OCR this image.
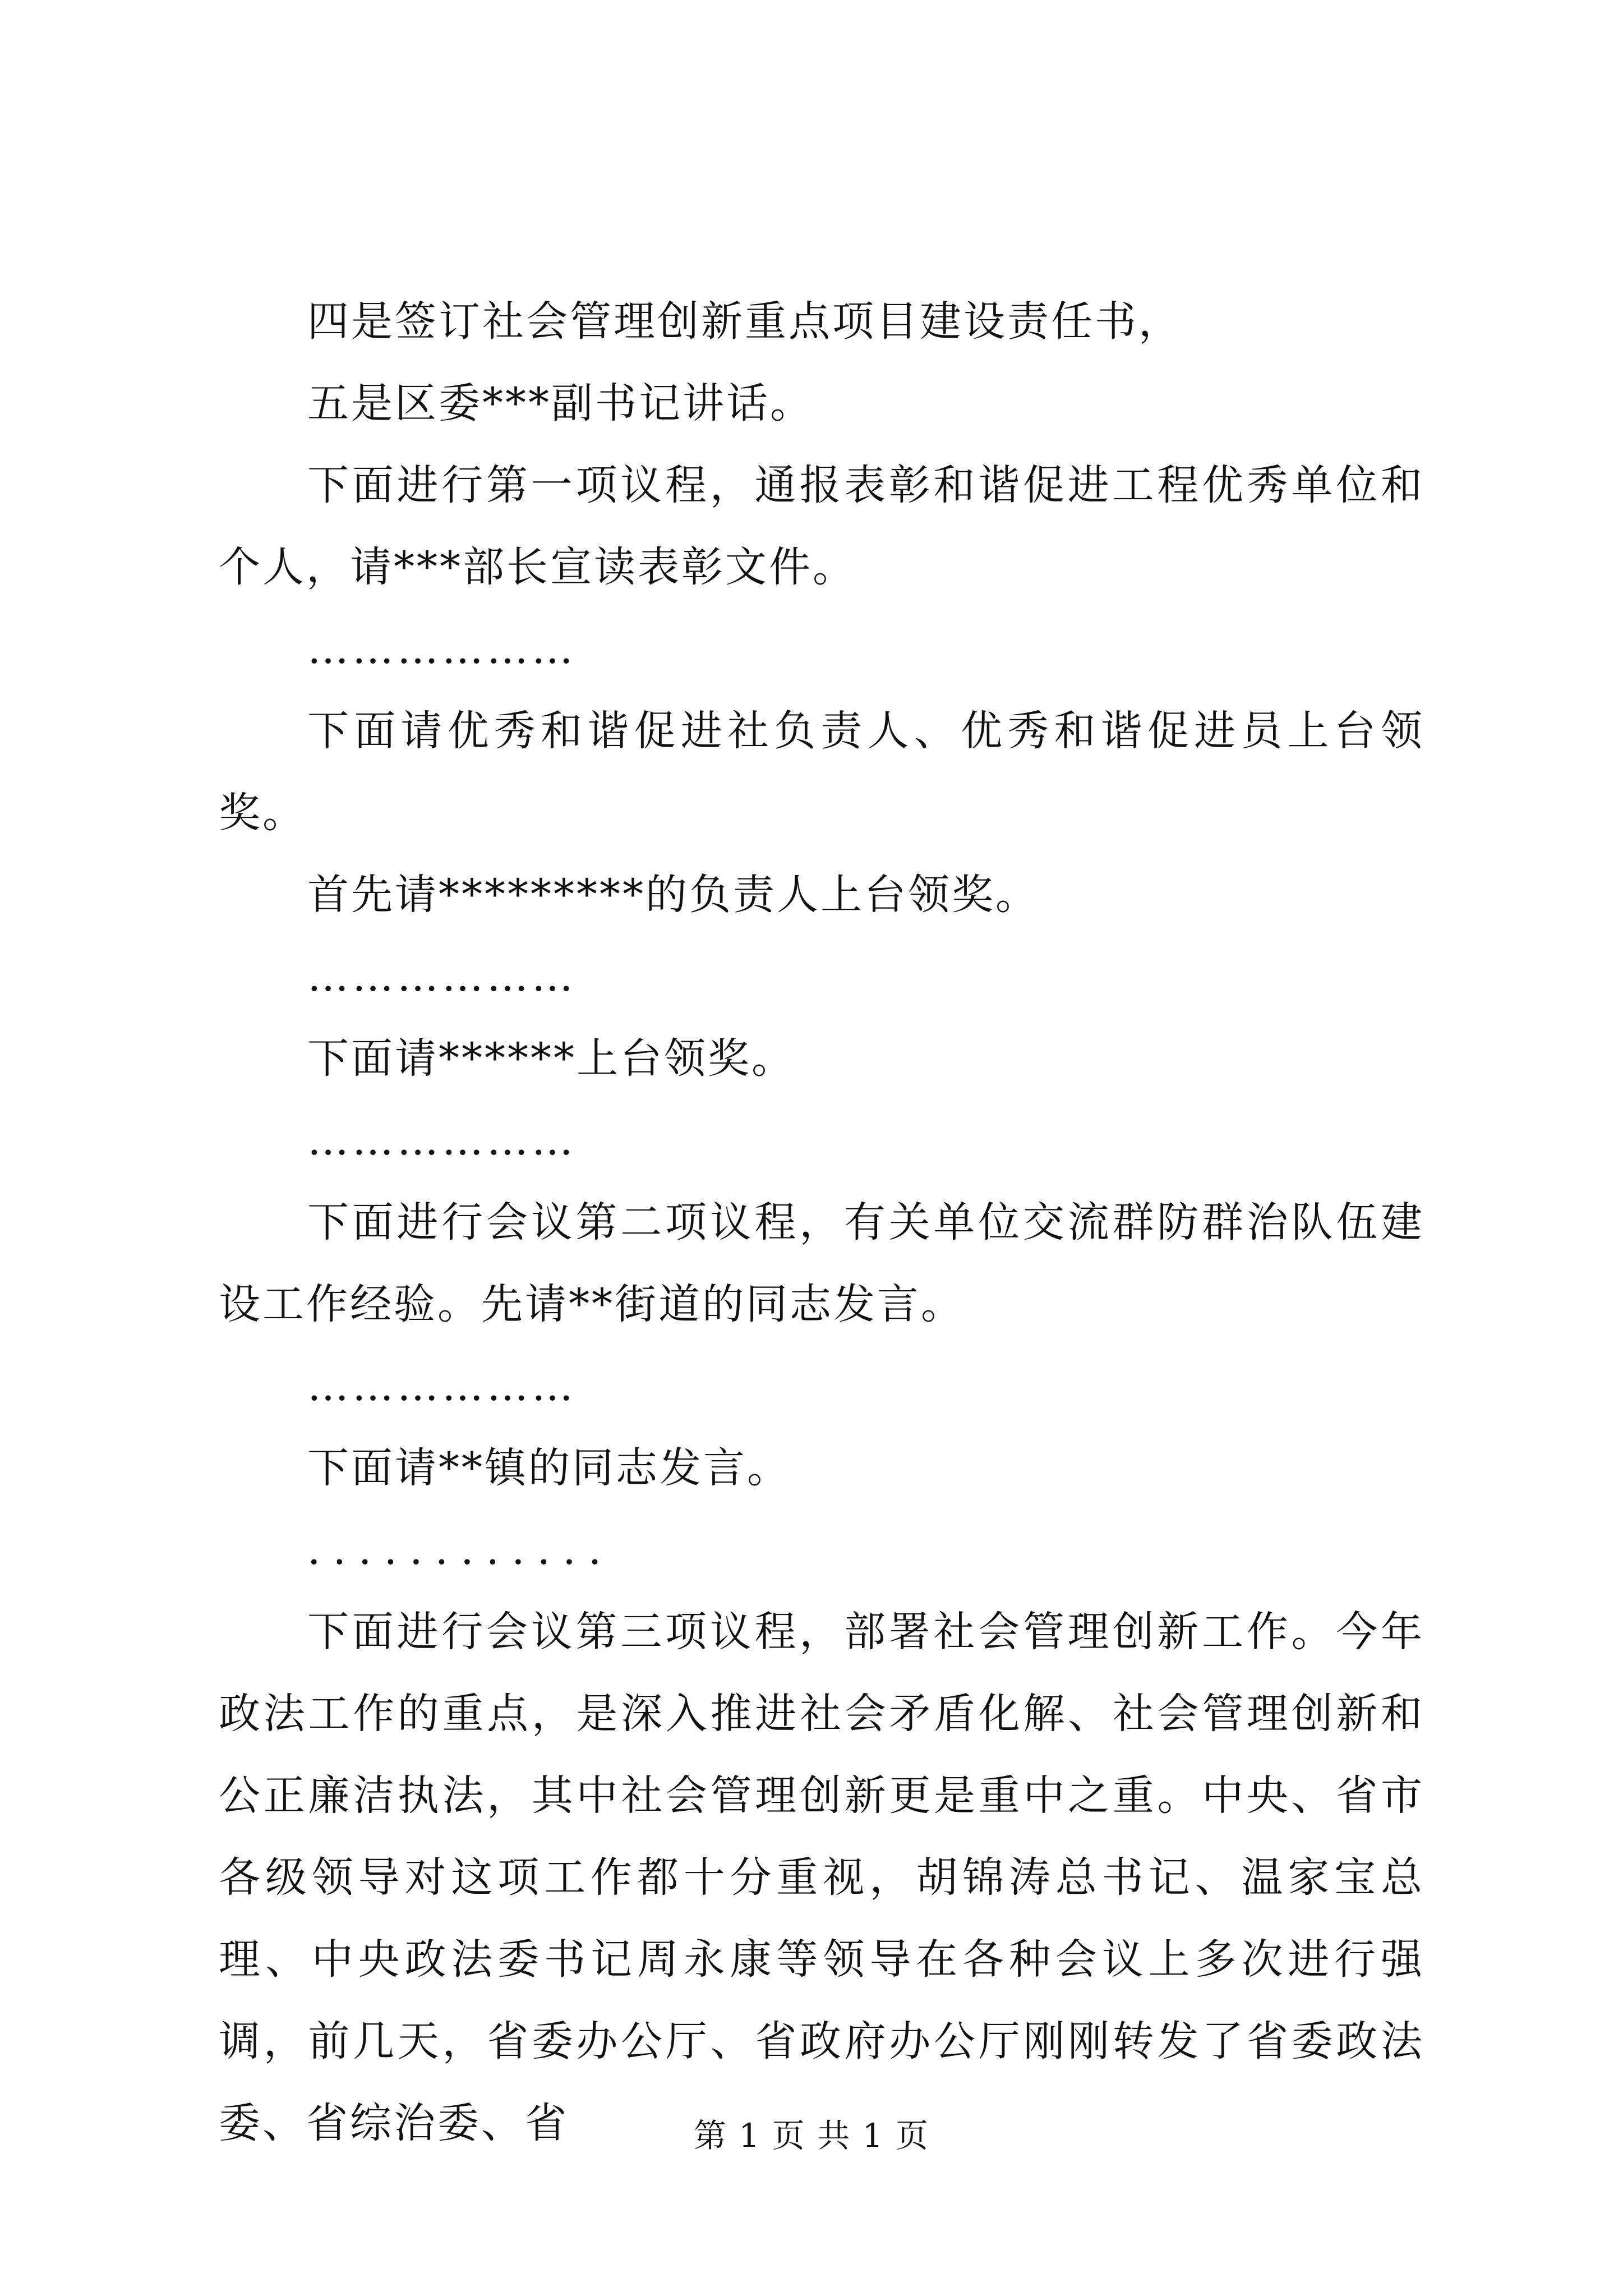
四是签订社会管理创新重点项目建设责任书，

五是区委***副书记讲话。

下面进行第一项议程，通报表彰和谐促进工程优秀单位和个人，请***部长宣读表彰文件。

………………

下面请优秀和谐促进社负责人、优秀和谐促进员上台领奖。

首先请*********的负责人上台领奖。

………………

下面请******上台领奖。

………………

下面进行会议第二项议程，有关单位交流群防群治队伍建设工作经验。先请**街道的同志发言。

………………

下面请**镇的同志发言。

............

下面进行会议第三项议程，部署社会管理创新工作。今年政法工作的重点，是深入推进社会矛盾化解、社会管理创新和公正廉洁执法，其中社会管理创新更是重中之重。中央、省市各级领导对这项工作都十分重视，胡锦涛总书记、温家宝总理、中央政法委书记周永康等领导在各种会议上多次进行强调，前几天，省委办公厅、省政府办公厅刚刚转发了省委政法委、省综治委、省	第 1 页 共 1 页
